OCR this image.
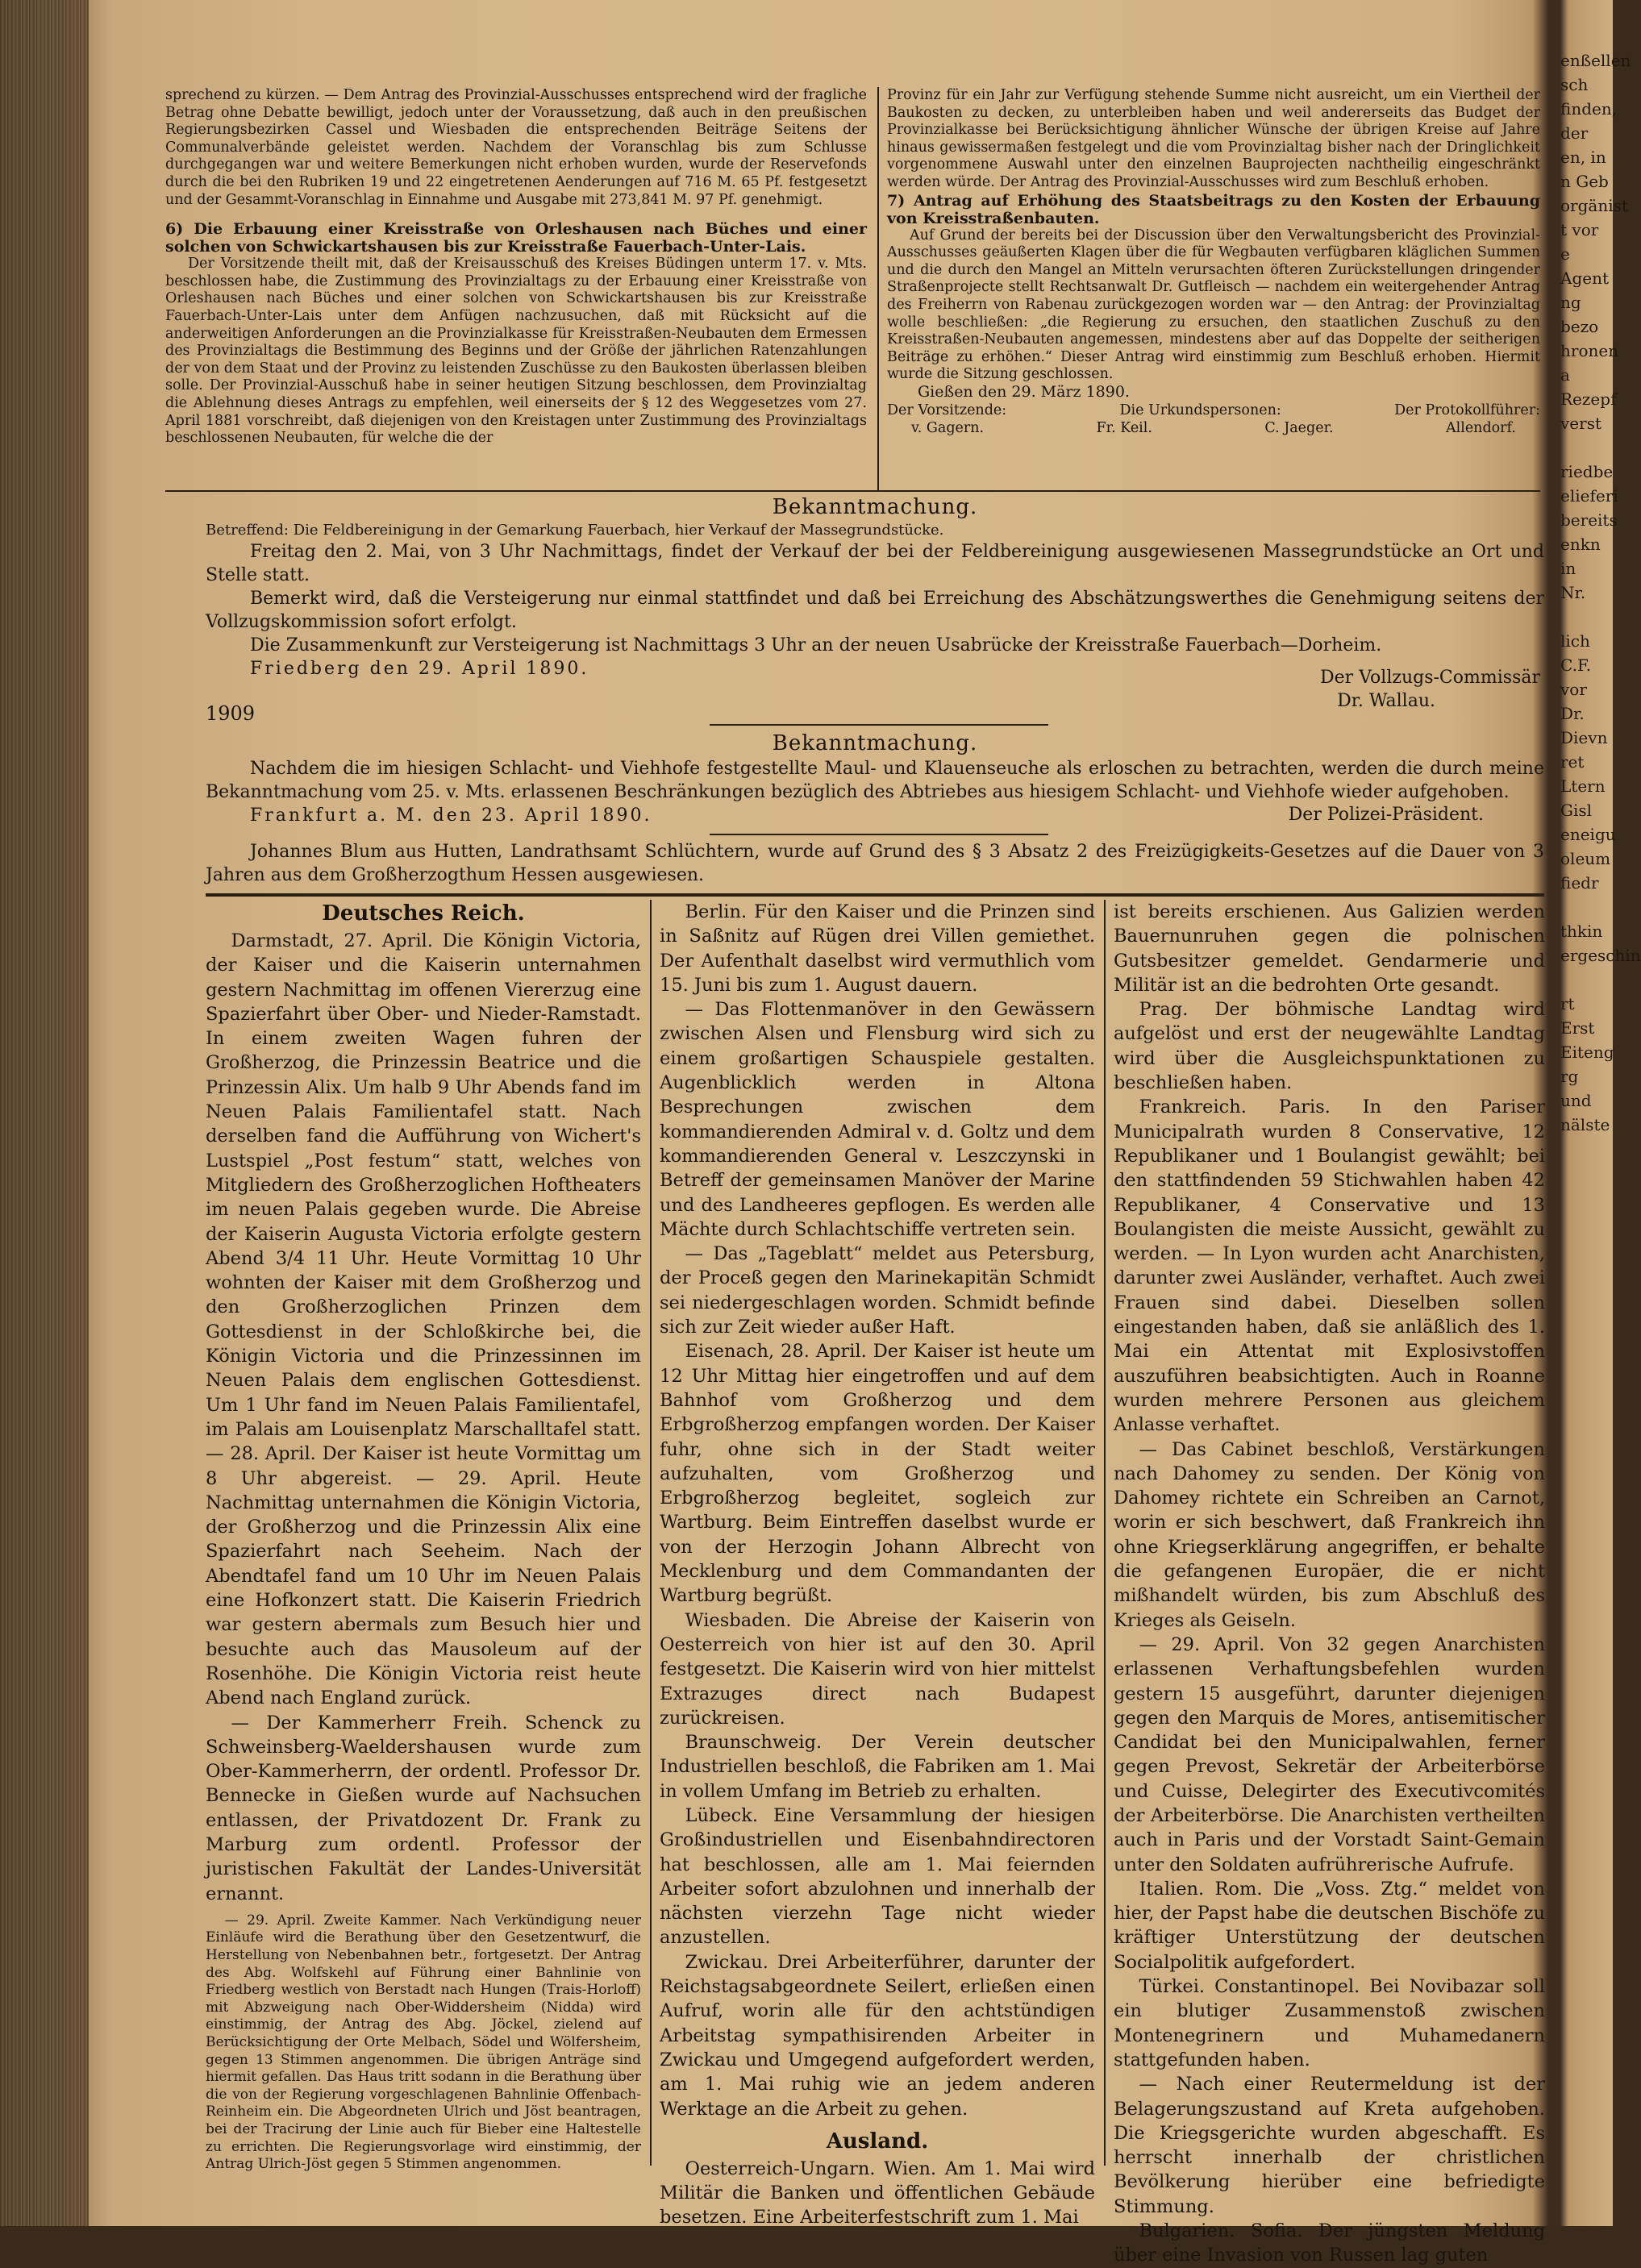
sprechend zu kürzen. — Dem Antrag des Provinzial-Ausschusses entsprechend wird der fragliche Betrag ohne Debatte bewilligt, jedoch unter der Voraussetzung, daß auch in den preußischen Regierungsbezirken Cassel und Wiesbaden die entsprechenden Beiträge Seitens der Communalverbände geleistet werden. Nachdem der Voranschlag bis zum Schlusse durchgegangen war und weitere Bemerkungen nicht erhoben wurden, wurde der Reservefonds durch die bei den Rubriken 19 und 22 eingetretenen Aenderungen auf 716 M. 65 Pf. festgesetzt und der Gesammt-Voranschlag in Einnahme und Ausgabe mit 273,841 M. 97 Pf. genehmigt.

6) Die Erbauung einer Kreisstraße von Orleshausen nach Büches und einer solchen von Schwickartshausen bis zur Kreisstraße Fauerbach-Unter-Lais.

Der Vorsitzende theilt mit, daß der Kreisausschuß des Kreises Büdingen unterm 17. v. Mts. beschlossen habe, die Zustimmung des Provinzialtags zu der Erbauung einer Kreisstraße von Orleshausen nach Büches und einer solchen von Schwickartshausen bis zur Kreisstraße Fauerbach-Unter-Lais unter dem Anfügen nachzusuchen, daß mit Rücksicht auf die anderweitigen Anforderungen an die Provinzialkasse für Kreisstraßen-Neubauten dem Ermessen des Provinzialtags die Bestimmung des Beginns und der Größe der jährlichen Ratenzahlungen der von dem Staat und der Provinz zu leistenden Zuschüsse zu den Baukosten überlassen bleiben solle. Der Provinzial-Ausschuß habe in seiner heutigen Sitzung beschlossen, dem Provinzialtag die Ablehnung dieses Antrags zu empfehlen, weil einerseits der § 12 des Weggesetzes vom 27. April 1881 vorschreibt, daß diejenigen von den Kreistagen unter Zustimmung des Provinzialtags beschlossenen Neubauten, für welche die der

Provinz für ein Jahr zur Verfügung stehende Summe nicht ausreicht, um ein Viertheil der Baukosten zu decken, zu unterbleiben haben und weil andererseits das Budget der Provinzialkasse bei Berücksichtigung ähnlicher Wünsche der übrigen Kreise auf Jahre hinaus gewissermaßen festgelegt und die vom Provinzialtag bisher nach der Dringlichkeit vorgenommene Auswahl unter den einzelnen Bauprojecten nachtheilig eingeschränkt werden würde. Der Antrag des Provinzial-Ausschusses wird zum Beschluß erhoben.

7) Antrag auf Erhöhung des Staatsbeitrags zu den Kosten der Erbauung von Kreisstraßenbauten.

Auf Grund der bereits bei der Discussion über den Verwaltungsbericht des Provinzial-Ausschusses geäußerten Klagen über die für Wegbauten verfügbaren kläglichen Summen und die durch den Mangel an Mitteln verursachten öfteren Zurückstellungen dringender Straßenprojecte stellt Rechtsanwalt Dr. Gutfleisch — nachdem ein weitergehender Antrag des Freiherrn von Rabenau zurückgezogen worden war — den Antrag: der Provinzialtag wolle beschließen: „die Regierung zu ersuchen, den staatlichen Zuschuß zu den Kreisstraßen-Neubauten angemessen, mindestens aber auf das Doppelte der seitherigen Beiträge zu erhöhen.“ Dieser Antrag wird einstimmig zum Beschluß erhoben. Hiermit wurde die Sitzung geschlossen.

Gießen den 29. März 1890.

Der Vorsitzende:	Die Urkundspersonen:	Der Protokollführer:
v. Gagern.	Fr. Keil.	C. Jaeger.	Allendorf.
Bekanntmachung.

Betreffend: Die Feldbereinigung in der Gemarkung Fauerbach, hier Verkauf der Massegrundstücke.

Freitag den 2. Mai, von 3 Uhr Nachmittags, findet der Verkauf der bei der Feldbereinigung ausgewiesenen Massegrundstücke an Ort und Stelle statt.

Bemerkt wird, daß die Versteigerung nur einmal stattfindet und daß bei Erreichung des Abschätzungswerthes die Genehmigung seitens der Vollzugskommission sofort erfolgt.

Die Zusammenkunft zur Versteigerung ist Nachmittags 3 Uhr an der neuen Usabrücke der Kreisstraße Fauerbach—Dorheim.

Friedberg den 29. April 1890.

1909
Der Vollzugs-Commissär
Dr. Wallau.
Bekanntmachung.

Nachdem die im hiesigen Schlacht- und Viehhofe festgestellte Maul- und Klauenseuche als erloschen zu betrachten, werden die durch meine Bekanntmachung vom 25. v. Mts. erlassenen Beschränkungen bezüglich des Abtriebes aus hiesigem Schlacht- und Viehhofe wieder aufgehoben.

Frankfurt a. M. den 23. April 1890.	Der Polizei-Präsident.

Johannes Blum aus Hutten, Landrathsamt Schlüchtern, wurde auf Grund des § 3 Absatz 2 des Freizügigkeits-Gesetzes auf die Dauer von 3 Jahren aus dem Großherzogthum Hessen ausgewiesen.

Deutsches Reich.

Darmstadt, 27. April. Die Königin Victoria, der Kaiser und die Kaiserin unternahmen gestern Nachmittag im offenen Viererzug eine Spazierfahrt über Ober- und Nieder-Ramstadt. In einem zweiten Wagen fuhren der Großherzog, die Prinzessin Beatrice und die Prinzessin Alix. Um halb 9 Uhr Abends fand im Neuen Palais Familientafel statt. Nach derselben fand die Aufführung von Wichert's Lustspiel „Post festum“ statt, welches von Mitgliedern des Großherzoglichen Hoftheaters im neuen Palais gegeben wurde. Die Abreise der Kaiserin Augusta Victoria erfolgte gestern Abend 3/4 11 Uhr. Heute Vormittag 10 Uhr wohnten der Kaiser mit dem Großherzog und den Großherzoglichen Prinzen dem Gottesdienst in der Schloßkirche bei, die Königin Victoria und die Prinzessinnen im Neuen Palais dem englischen Gottesdienst. Um 1 Uhr fand im Neuen Palais Familientafel, im Palais am Louisenplatz Marschalltafel statt. — 28. April. Der Kaiser ist heute Vormittag um 8 Uhr abgereist. — 29. April. Heute Nachmittag unternahmen die Königin Victoria, der Großherzog und die Prinzessin Alix eine Spazierfahrt nach Seeheim. Nach der Abendtafel fand um 10 Uhr im Neuen Palais eine Hofkonzert statt. Die Kaiserin Friedrich war gestern abermals zum Besuch hier und besuchte auch das Mausoleum auf der Rosenhöhe. Die Königin Victoria reist heute Abend nach England zurück.

— Der Kammerherr Freih. Schenck zu Schweinsberg-Waeldershausen wurde zum Ober-Kammerherrn, der ordentl. Professor Dr. Bennecke in Gießen wurde auf Nachsuchen entlassen, der Privatdozent Dr. Frank zu Marburg zum ordentl. Professor der juristischen Fakultät der Landes-Universität ernannt.

— 29. April. Zweite Kammer. Nach Verkündigung neuer Einläufe wird die Berathung über den Gesetzentwurf, die Herstellung von Nebenbahnen betr., fortgesetzt. Der Antrag des Abg. Wolfskehl auf Führung einer Bahnlinie von Friedberg westlich von Berstadt nach Hungen (Trais-Horloff) mit Abzweigung nach Ober-Widdersheim (Nidda) wird einstimmig, der Antrag des Abg. Jöckel, zielend auf Berücksichtigung der Orte Melbach, Södel und Wölfersheim, gegen 13 Stimmen angenommen. Die übrigen Anträge sind hiermit gefallen. Das Haus tritt sodann in die Berathung über die von der Regierung vorgeschlagenen Bahnlinie Offenbach-Reinheim ein. Die Abgeordneten Ulrich und Jöst beantragen, bei der Tracirung der Linie auch für Bieber eine Haltestelle zu errichten. Die Regierungsvorlage wird einstimmig, der Antrag Ulrich-Jöst gegen 5 Stimmen angenommen.

Berlin. Für den Kaiser und die Prinzen sind in Saßnitz auf Rügen drei Villen gemiethet. Der Aufenthalt daselbst wird vermuthlich vom 15. Juni bis zum 1. August dauern.

— Das Flottenmanöver in den Gewässern zwischen Alsen und Flensburg wird sich zu einem großartigen Schauspiele gestalten. Augenblicklich werden in Altona Besprechungen zwischen dem kommandierenden Admiral v. d. Goltz und dem kommandierenden General v. Leszczynski in Betreff der gemeinsamen Manöver der Marine und des Landheeres gepflogen. Es werden alle Mächte durch Schlachtschiffe vertreten sein.

— Das „Tageblatt“ meldet aus Petersburg, der Proceß gegen den Marinekapitän Schmidt sei niedergeschlagen worden. Schmidt befinde sich zur Zeit wieder außer Haft.

Eisenach, 28. April. Der Kaiser ist heute um 12 Uhr Mittag hier eingetroffen und auf dem Bahnhof vom Großherzog und dem Erbgroßherzog empfangen worden. Der Kaiser fuhr, ohne sich in der Stadt weiter aufzuhalten, vom Großherzog und Erbgroßherzog begleitet, sogleich zur Wartburg. Beim Eintreffen daselbst wurde er von der Herzogin Johann Albrecht von Mecklenburg und dem Commandanten der Wartburg begrüßt.

Wiesbaden. Die Abreise der Kaiserin von Oesterreich von hier ist auf den 30. April festgesetzt. Die Kaiserin wird von hier mittelst Extrazuges direct nach Budapest zurückreisen.

Braunschweig. Der Verein deutscher Industriellen beschloß, die Fabriken am 1. Mai in vollem Umfang im Betrieb zu erhalten.

Lübeck. Eine Versammlung der hiesigen Großindustriellen und Eisenbahndirectoren hat beschlossen, alle am 1. Mai feiernden Arbeiter sofort abzulohnen und innerhalb der nächsten vierzehn Tage nicht wieder anzustellen.

Zwickau. Drei Arbeiterführer, darunter der Reichstagsabgeordnete Seilert, erließen einen Aufruf, worin alle für den achtstündigen Arbeitstag sympathisirenden Arbeiter in Zwickau und Umgegend aufgefordert werden, am 1. Mai ruhig wie an jedem anderen Werktage an die Arbeit zu gehen.

Ausland.

Oesterreich-Ungarn. Wien. Am 1. Mai wird Militär die Banken und öffentlichen Gebäude besetzen. Eine Arbeiterfestschrift zum 1. Mai

ist bereits erschienen. Aus Galizien werden Bauernunruhen gegen die polnischen Gutsbesitzer gemeldet. Gendarmerie und Militär ist an die bedrohten Orte gesandt.

Prag. Der böhmische Landtag wird aufgelöst und erst der neugewählte Landtag wird über die Ausgleichspunktationen zu beschließen haben.

Frankreich. Paris. In den Pariser Municipalrath wurden 8 Conservative, 12 Republikaner und 1 Boulangist gewählt; bei den stattfindenden 59 Stichwahlen haben 42 Republikaner, 4 Conservative und 13 Boulangisten die meiste Aussicht, gewählt zu werden. — In Lyon wurden acht Anarchisten, darunter zwei Ausländer, verhaftet. Auch zwei Frauen sind dabei. Dieselben sollen eingestanden haben, daß sie anläßlich des 1. Mai ein Attentat mit Explosivstoffen auszuführen beabsichtigten. Auch in Roanne wurden mehrere Personen aus gleichem Anlasse verhaftet.

— Das Cabinet beschloß, Verstärkungen nach Dahomey zu senden. Der König von Dahomey richtete ein Schreiben an Carnot, worin er sich beschwert, daß Frankreich ihn ohne Kriegserklärung angegriffen, er behalte die gefangenen Europäer, die er nicht mißhandelt würden, bis zum Abschluß des Krieges als Geiseln.

— 29. April. Von 32 gegen Anarchisten erlassenen Verhaftungsbefehlen wurden gestern 15 ausgeführt, darunter diejenigen gegen den Marquis de Mores, antisemitischer Candidat bei den Municipalwahlen, ferner gegen Prevost, Sekretär der Arbeiterbörse und Cuisse, Delegirter des Executivcomités der Arbeiterbörse. Die Anarchisten vertheilten auch in Paris und der Vorstadt Saint-Gemain unter den Soldaten aufrührerische Aufrufe.

Italien. Rom. Die „Voss. Ztg.“ meldet von hier, der Papst habe die deutschen Bischöfe zu kräftiger Unterstützung der deutschen Socialpolitik aufgefordert.

Türkei. Constantinopel. Bei Novibazar soll ein blutiger Zusammenstoß zwischen Montenegrinern und Muhamedanern stattgefunden haben.

— Nach einer Reutermeldung ist der Belagerungszustand auf Kreta aufgehoben. Die Kriegsgerichte wurden abgeschafft. Es herrscht innerhalb der christlichen Bevölkerung hierüber eine befriedigte Stimmung.

Bulgarien. Sofia. Der jüngsten Meldung über eine Invasion von Russen lag guten

enßellen sch
finden, der
en, in
n Geb
orgänist
t vor e
Agent
ng bezo
hronen a
Rezepf
verst

riedbe
elieferi
bereits
enkn in
Nr.

lich C.F.
vor Dr.
Dievn
ret Ltern
Gisl
eneigu
oleum
fiedr

thkin
ergeschin

rt
Erst
Eiteng
rg und
nälste
